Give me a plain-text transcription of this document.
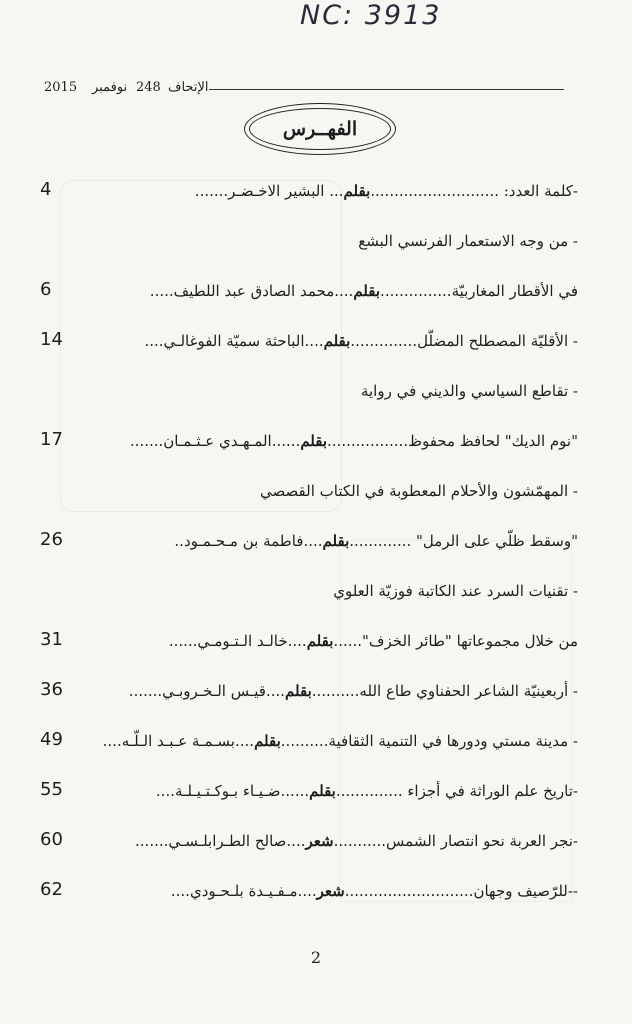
NC: 3913
2015 نوفمبر 248 الإتحاف
الفهــرس
-كلمة العدد: ...........................بقلم... البشير الاخـضـر.......
4
- من وجه الاستعمار الفرنسي البشع
في الأقطار المغاربيّة...............بقلم....محمد الصادق عبد اللطيف.....
6
- الأقليّة المصطلح المضلّل..............بقلم....الباحثة سميّة الفوغالـي....
14
- تقاطع السياسي والديني في رواية
"نوم الديك" لحافظ محفوظ.................بقلم......المـهـدي عـثـمـان.......
17
- المهمّشون والأحلام المعطوبة في الكتاب القصصي
"وسقط ظلّي على الرمل" .............بقلم....فاطمة بن مـحـمـود..
26
- تقنيات السرد عند الكاتبة فوزيّة العلوي
من خلال مجموعاتها "طائر الخزف"......بقلم....خالـد الـتـومـي......
31
- أربعينيّة الشاعر الحفناوي طاع الله..........بقلم....قيـس الـخـروبـي.......
36
- مدينة مستي ودورها في التنمية الثقافية..........بقلم....بسـمـة عـبـد الـلّـه....
49
-تاريخ علم الوراثة في أجزاء ..............بقلم......ضـيـاء بـوكـتـيـلـة....
55
-نجر العربة نحو انتصار الشمس...........شعر....صالح الطـرابلـسـي.......
60
--للرّصيف وجهان...........................شعر....مـفـيـدة بلـحـودي....
62
2
